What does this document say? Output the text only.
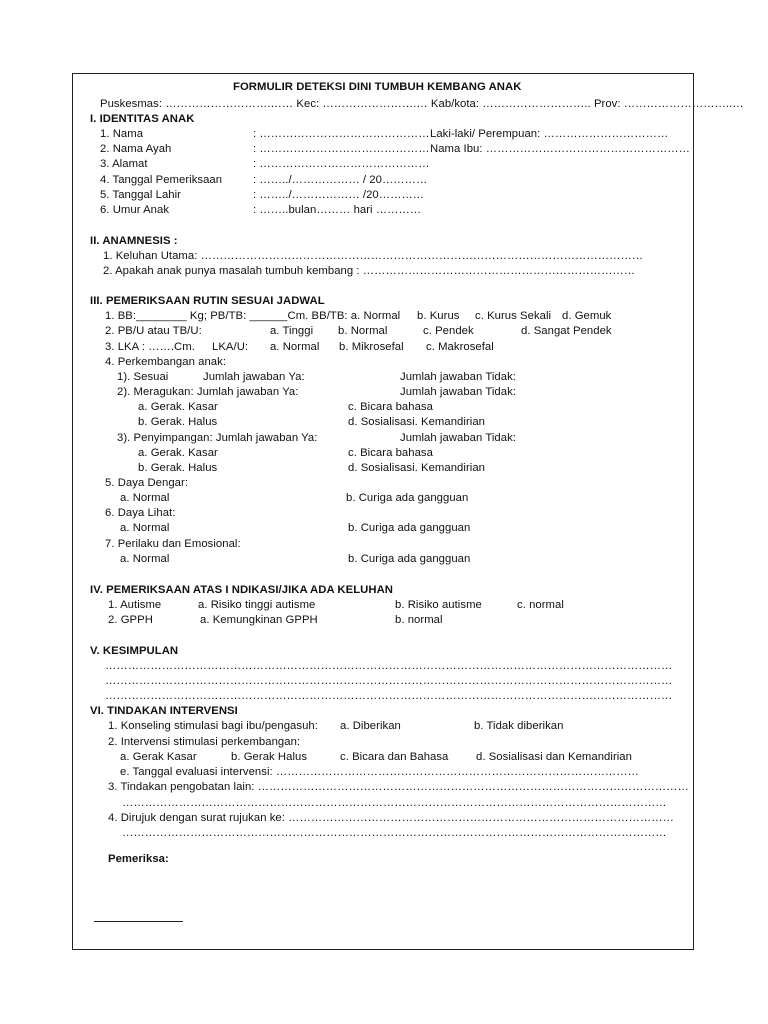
FORMULIR DETEKSI DINI TUMBUH KEMBANG ANAK
Puskesmas: ……………………….…… Kec: …………………….… Kab/kota: ……………………….. Prov: ………………………..…
I. IDENTITAS ANAK
1. Nama	: ……………………………………… Laki-laki/ Perempuan: ……………………………
2. Nama Ayah	: ……………………………………… Nama Ibu: ………………………………………………
3. Alamat	: ………………………………………
4. Tanggal Pemeriksaan	: ……../……………… / 20…………
5. Tanggal Lahir	: ……../……………… /20…………
6. Umur Anak	: ……..bulan……… hari …………
II. ANAMNESIS :
1. Keluhan Utama: ………………………………………………………………………………………………………
2. Apakah anak punya masalah tumbuh kembang : ………………………………………………………………
III. PEMERIKSAAN RUTIN SESUAI JADWAL
1. BB:________ Kg; PB/TB: ______Cm. BB/TB: a. Normal b. Kurus c. Kurus Sekali d. Gemuk
2. PB/U atau TB/U:	a. Tinggi b. Normal	c. Pendek	d. Sangat Pendek
3. LKA : …….Cm. LKA/U: a. Normal b. Mikrosefal c. Makrosefal
4. Perkembangan anak:
1). Sesuai	Jumlah jawaban Ya:	Jumlah jawaban Tidak:
2). Meragukan: Jumlah jawaban Ya:	Jumlah jawaban Tidak:
a. Gerak. Kasar	c. Bicara bahasa
b. Gerak. Halus	d. Sosialisasi. Kemandirian
3). Penyimpangan: Jumlah jawaban Ya:	Jumlah jawaban Tidak:
a. Gerak. Kasar	c. Bicara bahasa
b. Gerak. Halus	d. Sosialisasi. Kemandirian
5. Daya Dengar:
a. Normal	b. Curiga ada gangguan
6. Daya Lihat:
a. Normal	b. Curiga ada gangguan
7. Perilaku dan Emosional:
a. Normal	b. Curiga ada gangguan
IV. PEMERIKSAAN ATAS I NDIKASI/JIKA ADA KELUHAN
1. Autisme	a. Risiko tinggi autisme	b. Risiko autisme	c. normal
2. GPPH	a. Kemungkinan GPPH	b. normal
V. KESIMPULAN
……………………………………………………………………………………………………………………………………
……………………………………………………………………………………………………………………………………
……………………………………………………………………………………………………………………………………
VI. TINDAKAN INTERVENSI
1. Konseling stimulasi bagi ibu/pengasuh: a. Diberikan	b. Tidak diberikan
2. Intervensi stimulasi perkembangan:
a. Gerak Kasar	b. Gerak Halus	c. Bicara dan Bahasa d. Sosialisasi dan Kemandirian
e. Tanggal evaluasi intervensi: ……………………………………………………………………………………
3. Tindakan pengobatan lain: ……………………………………………………………………………………………………
………………………………………………………………………………………………………………………………
4. Dirujuk dengan surat rujukan ke: …………………………………………………………………………………………
………………………………………………………………………………………………………………………………
Pemeriksa:
